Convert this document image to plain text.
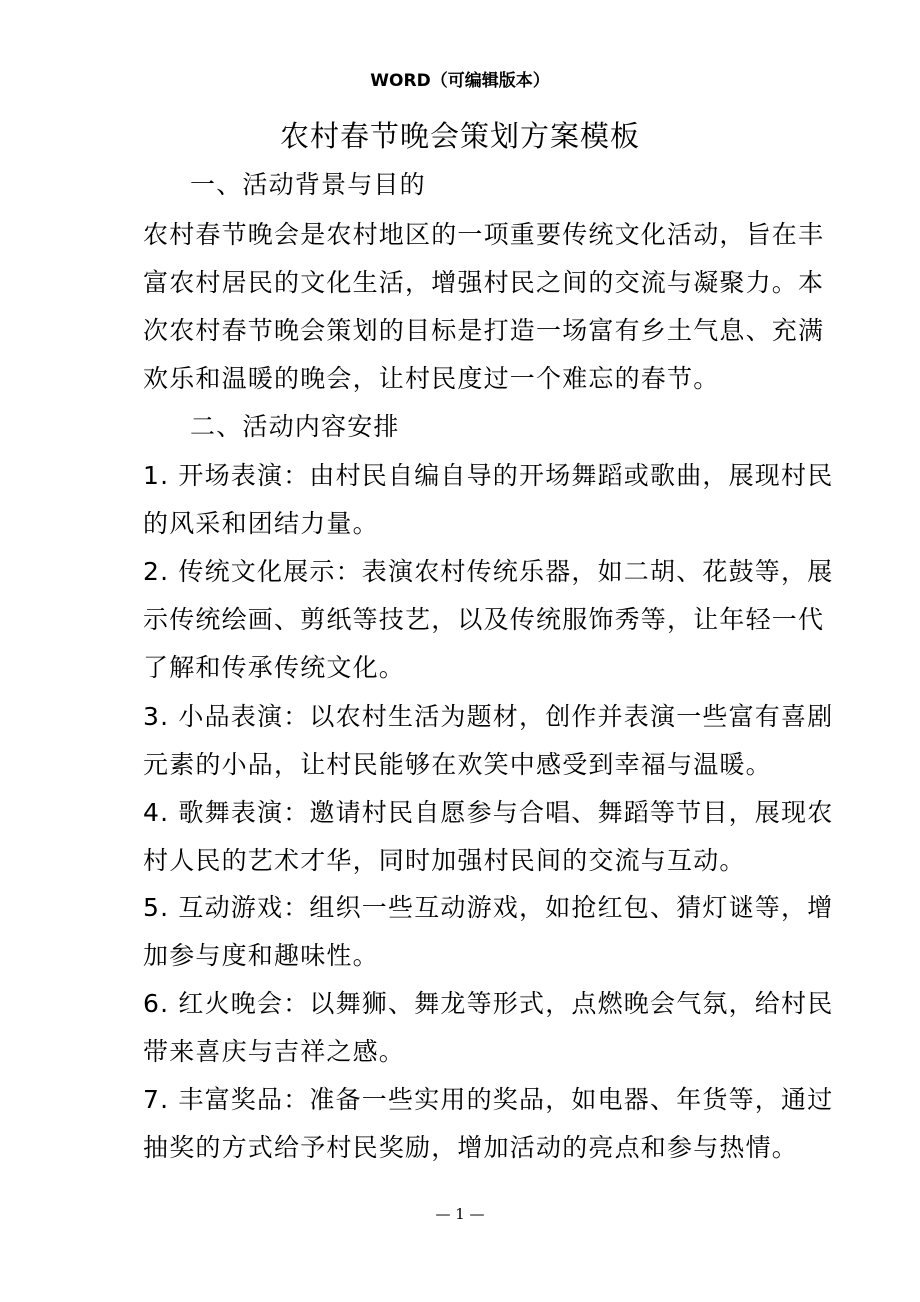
WORD（可编辑版本）
农村春节晚会策划方案模板
一、活动背景与目的
农村春节晚会是农村地区的一项重要传统文化活动，旨在丰
富农村居民的文化生活，增强村民之间的交流与凝聚力。本
次农村春节晚会策划的目标是打造一场富有乡土气息、充满
欢乐和温暖的晚会，让村民度过一个难忘的春节。
二、活动内容安排
1. 开场表演：由村民自编自导的开场舞蹈或歌曲，展现村民
的风采和团结力量。
2. 传统文化展示：表演农村传统乐器，如二胡、花鼓等，展
示传统绘画、剪纸等技艺，以及传统服饰秀等，让年轻一代
了解和传承传统文化。
3. 小品表演：以农村生活为题材，创作并表演一些富有喜剧
元素的小品，让村民能够在欢笑中感受到幸福与温暖。
4. 歌舞表演：邀请村民自愿参与合唱、舞蹈等节目，展现农
村人民的艺术才华，同时加强村民间的交流与互动。
5. 互动游戏：组织一些互动游戏，如抢红包、猜灯谜等，增
加参与度和趣味性。
6. 红火晚会：以舞狮、舞龙等形式，点燃晚会气氛，给村民
带来喜庆与吉祥之感。
7. 丰富奖品：准备一些实用的奖品，如电器、年货等，通过
抽奖的方式给予村民奖励，增加活动的亮点和参与热情。
— 1 —
